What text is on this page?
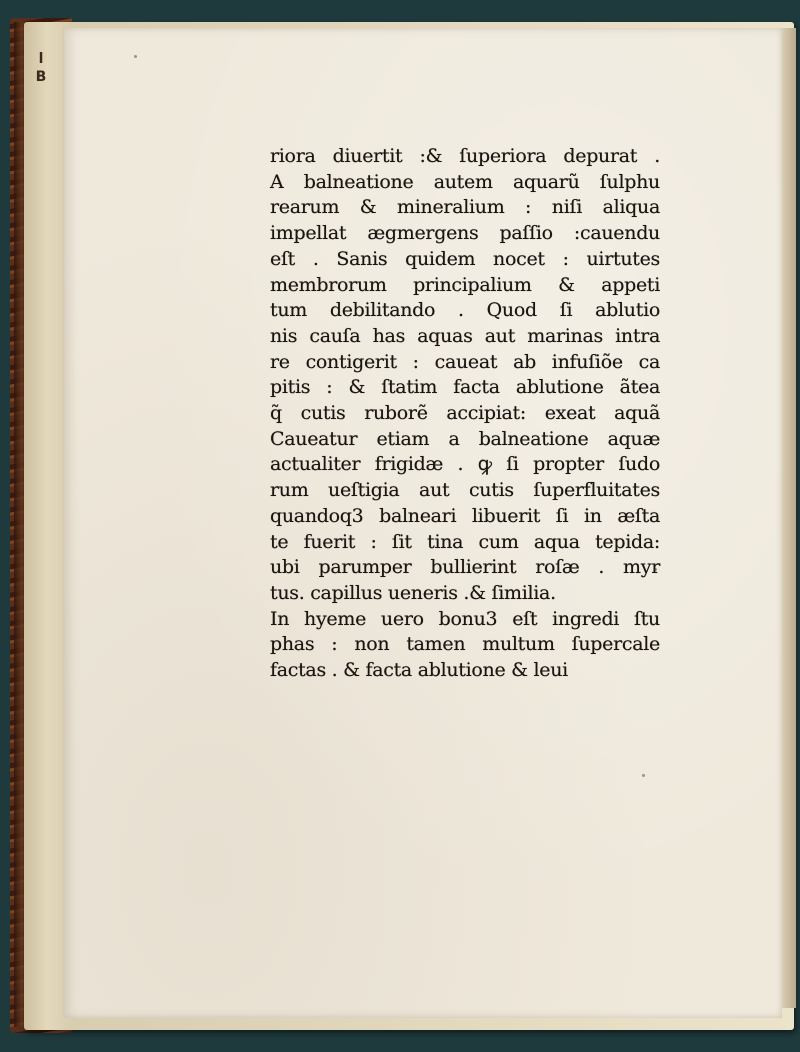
l
B
riora diuertit :& ſuperiora depurat .
A balneatione autem aquarũ ſulphu
rearum & mineralium : niſi aliqua
impellat ægmergens paſſio :cauendu
eſt . Sanis quidem nocet : uirtutes
membrorum principalium & appeti
tum debilitando . Quod ſi ablutio
nis cauſa has aquas aut marinas intra
re contigerit : caueat ab infuſiõe ca
pitis : & ſtatim facta ablutione ãtea
q̃ cutis ruborẽ accipiat: exeat aquã
Caueatur etiam a balneatione aquæ
actualiter frigidæ . ꝙ ſi propter ſudo
rum ueſtigia aut cutis ſuperfluitates
quandoq3 balneari libuerit ſi in æſta
te fuerit : ſit tina cum aqua tepida:
ubi parumper bullierint roſæ . myr
tus. capillus ueneris .& ſimilia.
In hyeme uero bonu3 eſt ingredi ſtu
phas : non tamen multum ſupercale
factas . & facta ablutione & leui
